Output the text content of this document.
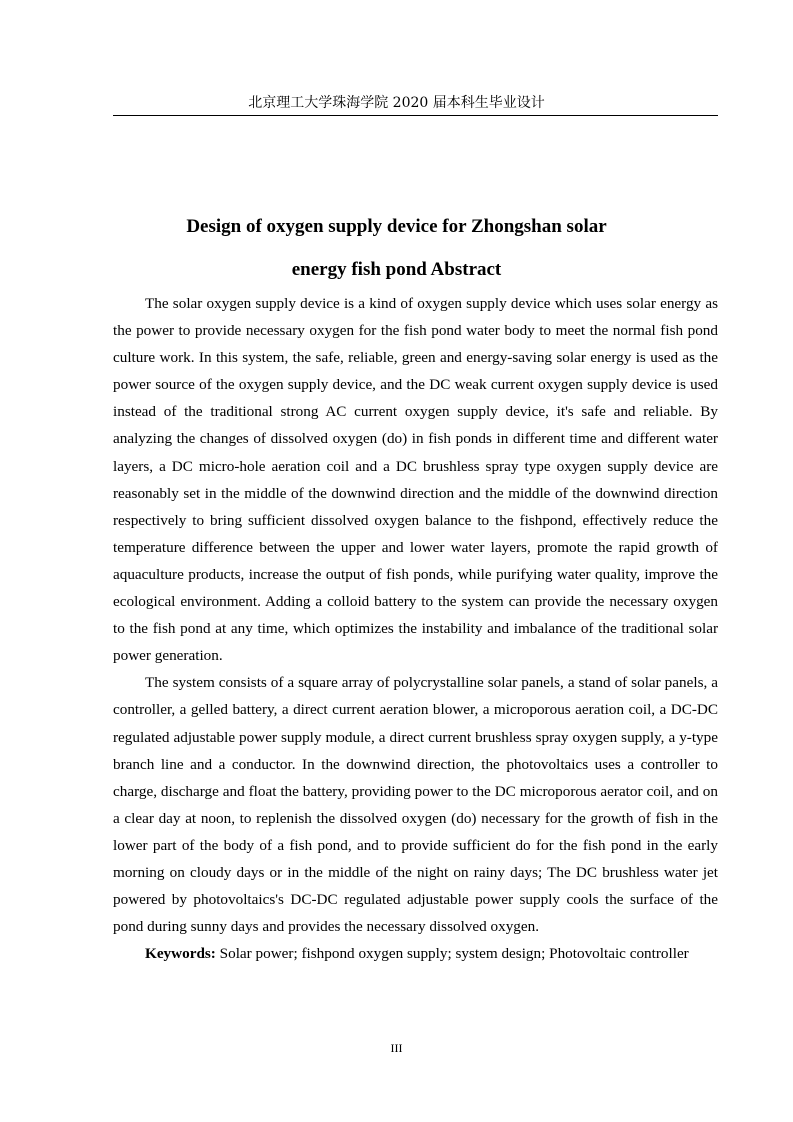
北京理工大学珠海学院 2020 届本科生毕业设计
Design of oxygen supply device for Zhongshan solar
energy fish pond Abstract

The solar oxygen supply device is a kind of oxygen supply device which uses solar energy as the power to provide necessary oxygen for the fish pond water body to meet the normal fish pond culture work. In this system, the safe, reliable, green and energy-saving solar energy is used as the power source of the oxygen supply device, and the DC weak current oxygen supply device is used instead of the traditional strong AC current oxygen supply device, it's safe and reliable. By analyzing the changes of dissolved oxygen (do) in fish ponds in different time and different water layers, a DC micro-hole aeration coil and a DC brushless spray type oxygen supply device are reasonably set in the middle of the downwind direction and the middle of the downwind direction respectively to bring sufficient dissolved oxygen balance to the fishpond, effectively reduce the temperature difference between the upper and lower water layers, promote the rapid growth of aquaculture products, increase the output of fish ponds, while purifying water quality, improve the ecological environment. Adding a colloid battery to the system can provide the necessary oxygen to the fish pond at any time, which optimizes the instability and imbalance of the traditional solar power generation.

The system consists of a square array of polycrystalline solar panels, a stand of solar panels, a controller, a gelled battery, a direct current aeration blower, a microporous aeration coil, a DC-DC regulated adjustable power supply module, a direct current brushless spray oxygen supply, a y-type branch line and a conductor. In the downwind direction, the photovoltaics uses a controller to charge, discharge and float the battery, providing power to the DC microporous aerator coil, and on a clear day at noon, to replenish the dissolved oxygen (do) necessary for the growth of fish in the lower part of the body of a fish pond, and to provide sufficient do for the fish pond in the early morning on cloudy days or in the middle of the night on rainy days; The DC brushless water jet powered by photovoltaics's DC-DC regulated adjustable power supply cools the surface of the pond during sunny days and provides the necessary dissolved oxygen.

Keywords: Solar power; fishpond oxygen supply; system design; Photovoltaic controller

III
